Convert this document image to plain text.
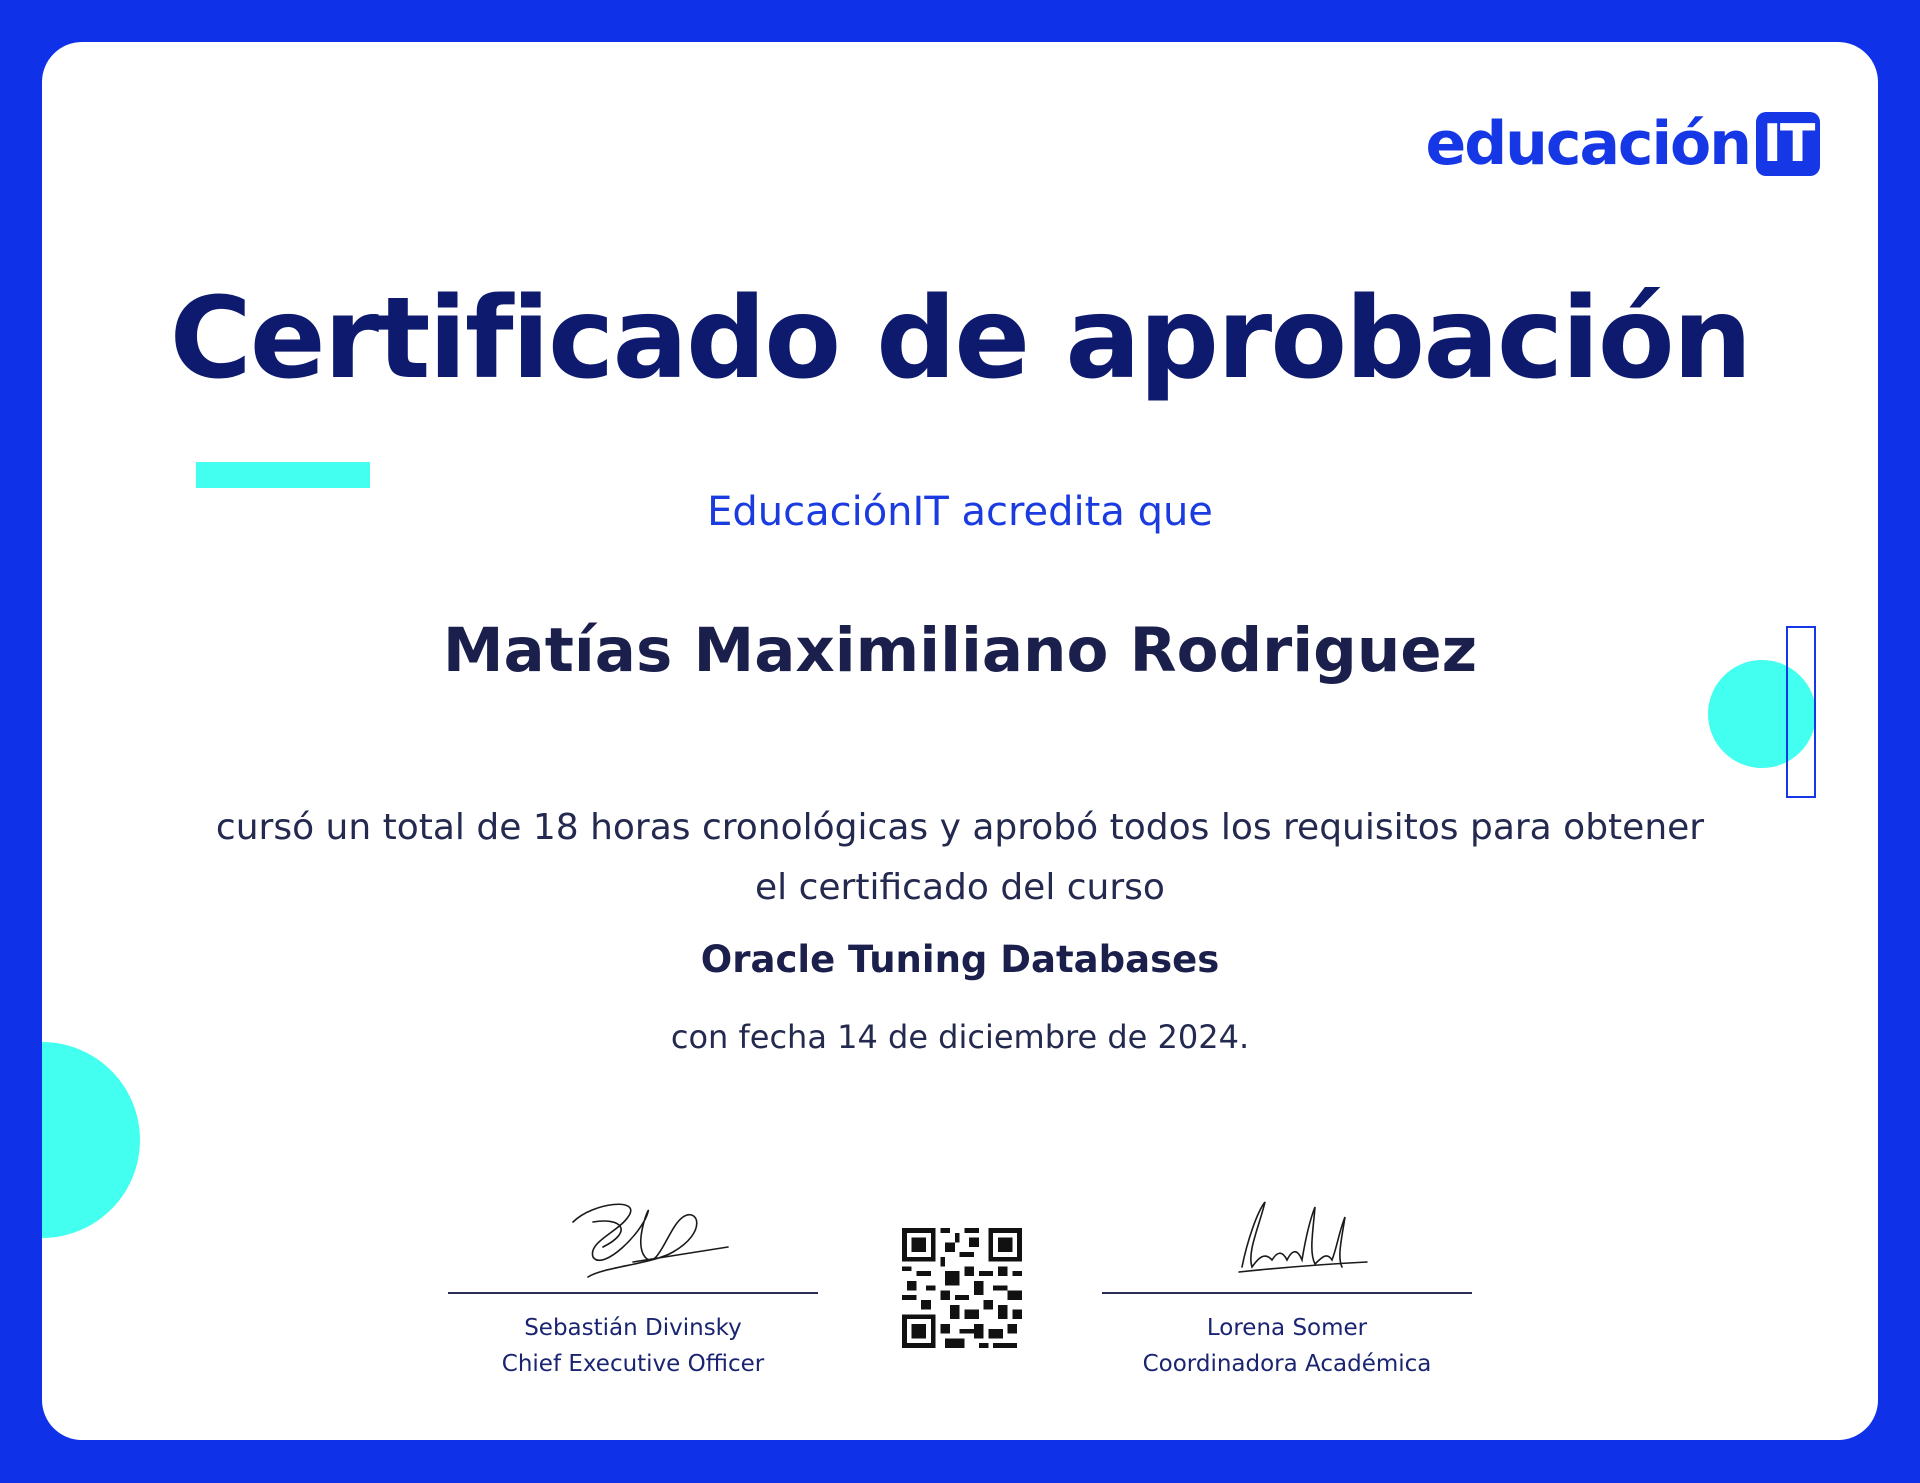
educación IT
Certificado de aprobación
EducaciónIT acredita que
Matías Maximiliano Rodriguez
cursó un total de 18 horas cronológicas y aprobó todos los requisitos para obtener
el certificado del curso
Oracle Tuning Databases
con fecha 14 de diciembre de 2024.
Sebastián Divinsky
Chief Executive Officer
Lorena Somer
Coordinadora Académica
